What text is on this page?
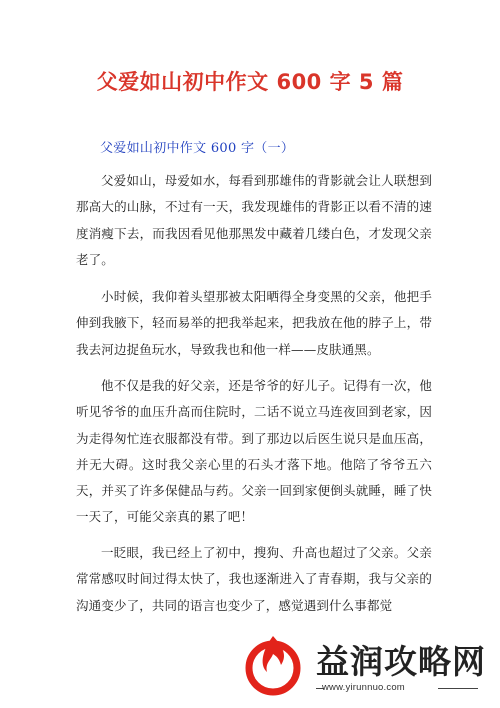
父爱如山初中作文 600 字 5 篇
父爱如山初中作文 600 字（一）

父爱如山，母爱如水，每看到那雄伟的背影就会让人联想到那高大的山脉，不过有一天，我发现雄伟的背影正以看不清的速度消瘦下去，而我因看见他那黑发中藏着几缕白色，才发现父亲老了。

小时候，我仰着头望那被太阳晒得全身变黑的父亲，他把手伸到我腋下，轻而易举的把我举起来，把我放在他的脖子上，带我去河边捉鱼玩水，导致我也和他一样——皮肤通黑。

他不仅是我的好父亲，还是爷爷的好儿子。记得有一次，他听见爷爷的血压升高而住院时，二话不说立马连夜回到老家，因为走得匆忙连衣服都没有带。到了那边以后医生说只是血压高，并无大碍。这时我父亲心里的石头才落下地。他陪了爷爷五六天，并买了许多保健品与药。父亲一回到家便倒头就睡，睡了快一天了，可能父亲真的累了吧！

一眨眼，我已经上了初中，搜狗、升高也超过了父亲。父亲常常感叹时间过得太快了，我也逐渐进入了青春期，我与父亲的沟通变少了，共同的语言也变少了，感觉遇到什么事都觉

益润攻略网
www.yirunnuo.com
